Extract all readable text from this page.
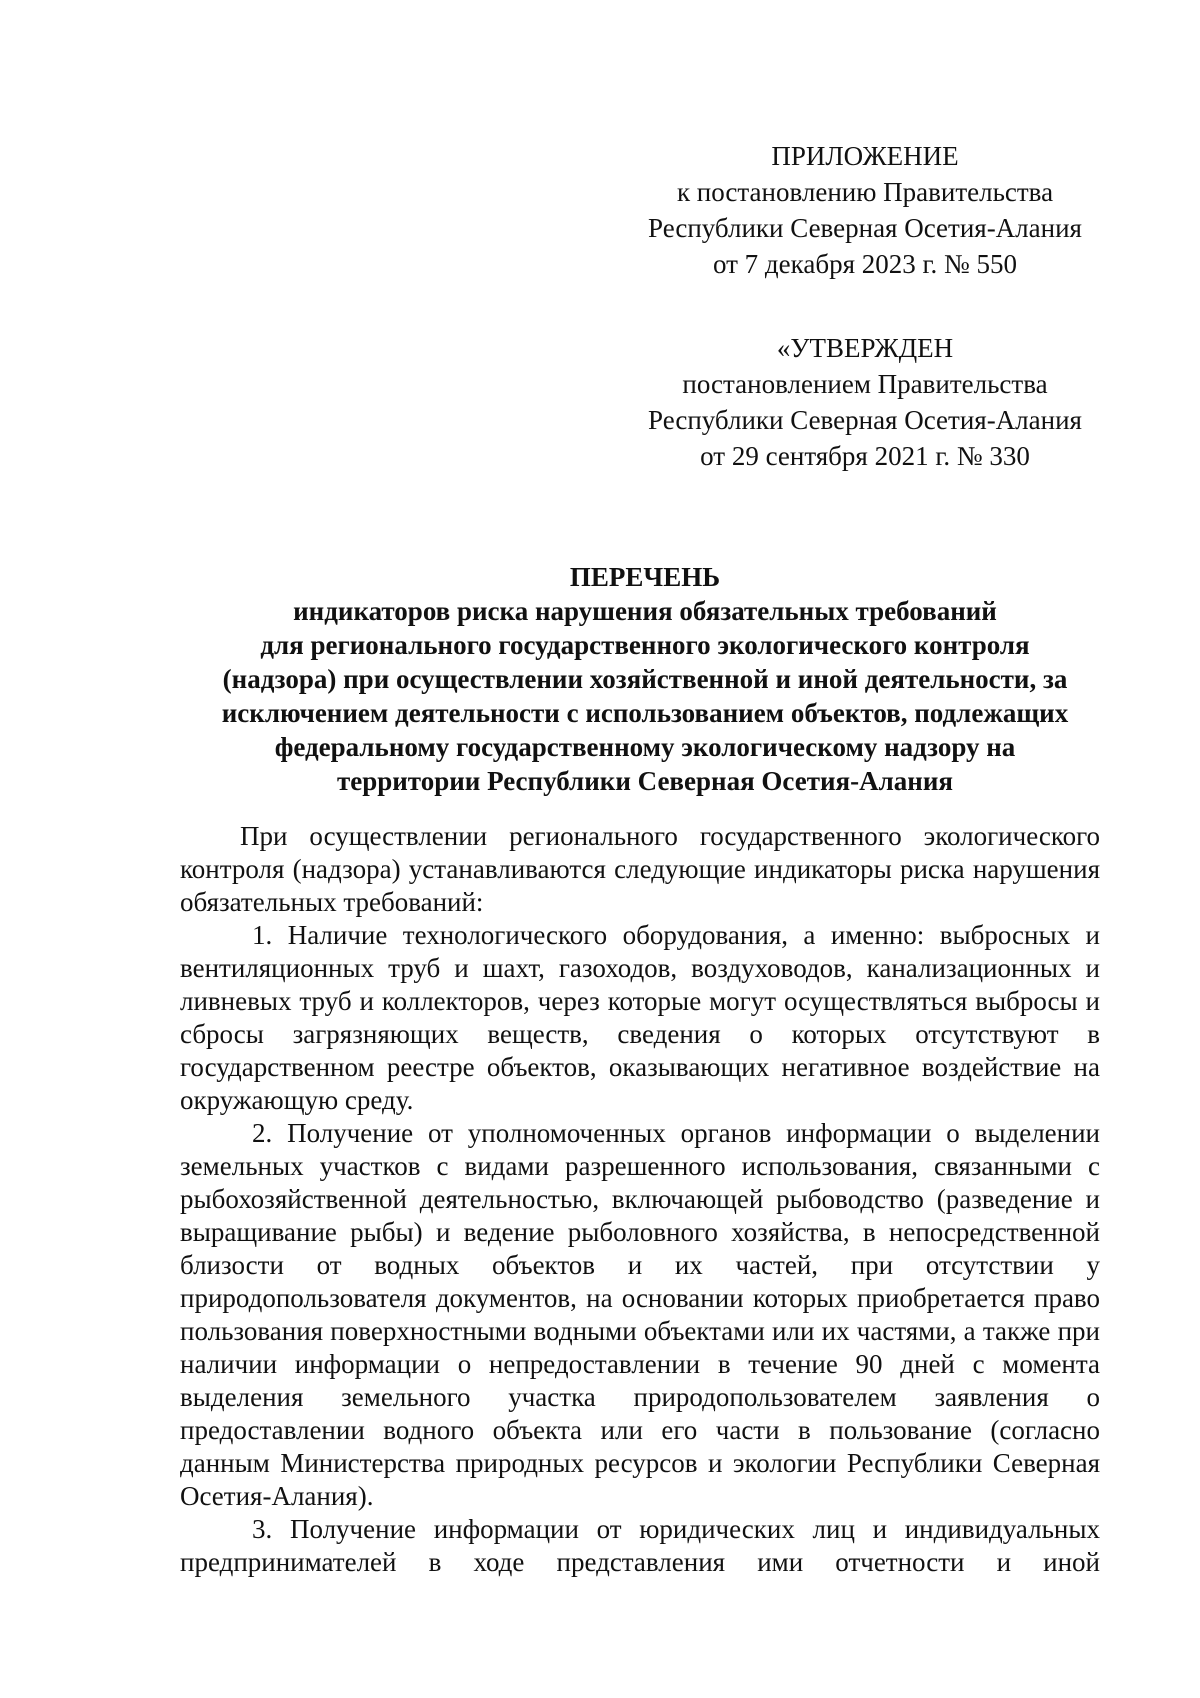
ПРИЛОЖЕНИЕ
к постановлению Правительства
Республики Северная Осетия-Алания
от 7 декабря 2023 г. № 550
«УТВЕРЖДЕН
постановлением Правительства
Республики Северная Осетия-Алания
от 29 сентября 2021 г. № 330
ПЕРЕЧЕНЬ
индикаторов риска нарушения обязательных требований
для регионального государственного экологического контроля
(надзора) при осуществлении хозяйственной и иной деятельности, за
исключением деятельности с использованием объектов, подлежащих
федеральному государственному экологическому надзору на
территории Республики Северная Осетия-Алания

При осуществлении регионального государственного экологического контроля (надзора) устанавливаются следующие индикаторы риска нарушения обязательных требований:

1. Наличие технологического оборудования, а именно: выбросных и вентиляционных труб и шахт, газоходов, воздуховодов, канализационных и ливневых труб и коллекторов, через которые могут осуществляться выбросы и сбросы загрязняющих веществ, сведения о которых отсутствуют в государственном реестре объектов, оказывающих негативное воздействие на окружающую среду.

2. Получение от уполномоченных органов информации о выделении земельных участков с видами разрешенного использования, связанными с рыбохозяйственной деятельностью, включающей рыбоводство (разведение и выращивание рыбы) и ведение рыболовного хозяйства, в непосредственной близости от водных объектов и их частей, при отсутствии у природопользователя документов, на основании которых приобретается право пользования поверхностными водными объектами или их частями, а также при наличии информации о непредоставлении в течение 90 дней с момента выделения земельного участка природопользователем заявления о предоставлении водного объекта или его части в пользование (согласно данным Министерства природных ресурсов и экологии Республики Северная Осетия-Алания).

3. Получение информации от юридических лиц и индивидуальных предпринимателей в ходе представления ими отчетности и иной
